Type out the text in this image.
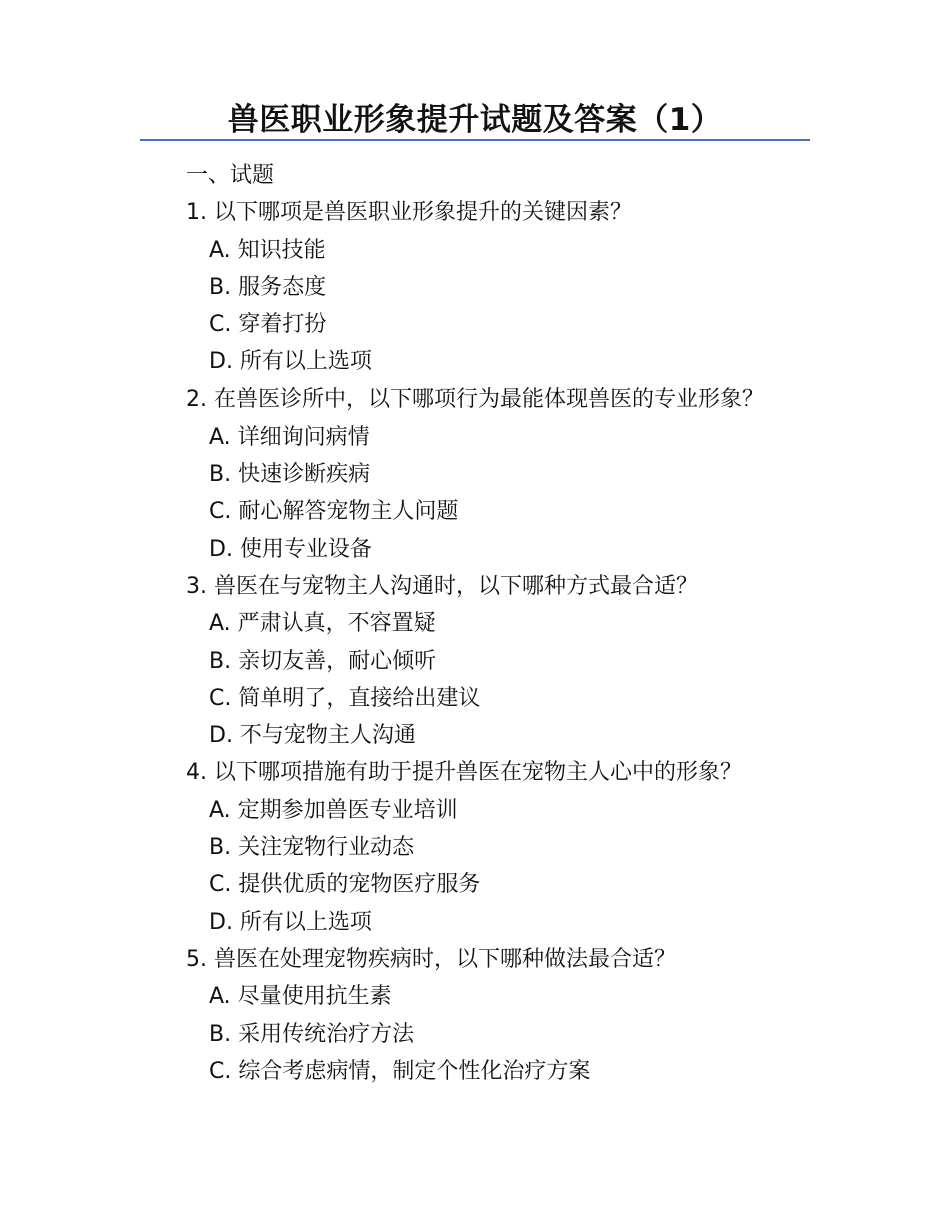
兽医职业形象提升试题及答案（1）
一、试题
1. 以下哪项是兽医职业形象提升的关键因素？
A. 知识技能
B. 服务态度
C. 穿着打扮
D. 所有以上选项
2. 在兽医诊所中，以下哪项行为最能体现兽医的专业形象？
A. 详细询问病情
B. 快速诊断疾病
C. 耐心解答宠物主人问题
D. 使用专业设备
3. 兽医在与宠物主人沟通时，以下哪种方式最合适？
A. 严肃认真，不容置疑
B. 亲切友善，耐心倾听
C. 简单明了，直接给出建议
D. 不与宠物主人沟通
4. 以下哪项措施有助于提升兽医在宠物主人心中的形象？
A. 定期参加兽医专业培训
B. 关注宠物行业动态
C. 提供优质的宠物医疗服务
D. 所有以上选项
5. 兽医在处理宠物疾病时，以下哪种做法最合适？
A. 尽量使用抗生素
B. 采用传统治疗方法
C. 综合考虑病情，制定个性化治疗方案
